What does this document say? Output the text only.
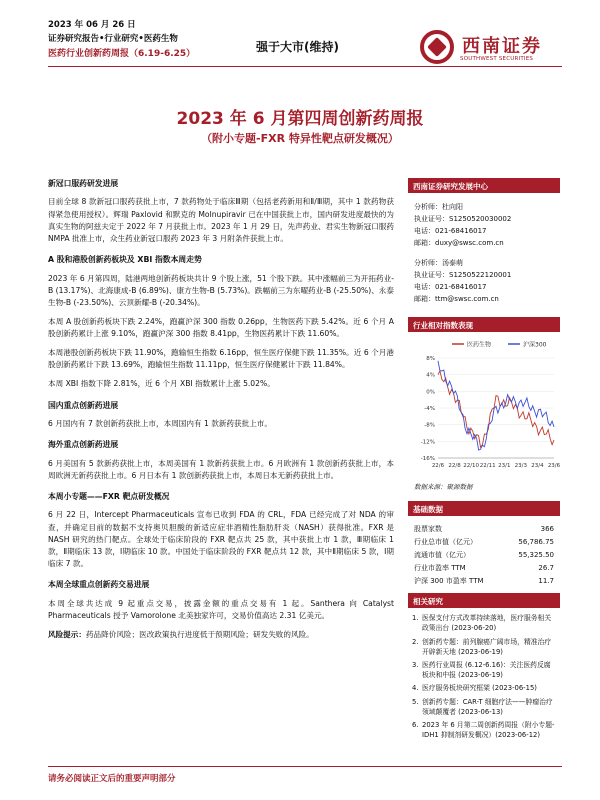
2023 年 06 月 26 日
证券研究报告•行业研究•医药生物
医药行业创新药周报（6.19-6.25）	强于大市(维持)	西南证券
SOUTHWEST SECURITIES
2023 年 6 月第四周创新药周报
（附小专题-FXR 特异性靶点研发概况）
新冠口服药研发进展

目前全球 8 款新冠口服药获批上市，7 款药物处于临床Ⅲ期（包括老药新用和Ⅱ/Ⅲ期，其中 1 款药物获得紧急使用授权）。辉瑞 Paxlovid 和默克的 Molnupiravir 已在中国获批上市，国内研发进度最快的为真实生物的阿兹夫定于 2022 年 7 月获批上市。2023 年 1 月 29 日，先声药业、君实生物新冠口服药 NMPA 批准上市，众生药业新冠口服药 2023 年 3 月附条件获批上市。

A 股和港股创新药板块及 XBI 指数本周走势

2023 年 6 月第四周，陆港两地创新药板块共计 9 个股上涨，51 个股下跌。其中涨幅前三为开拓药业-B (13.17%)、北海康成-B (6.89%)、康方生物-B (5.73%)。跌幅前三为东曜药业-B (-25.50%)、永泰生物-B (-23.50%)、云顶新耀-B (-20.34%)。

本周 A 股创新药板块下跌 2.24%，跑赢沪深 300 指数 0.26pp，生物医药下跌 5.42%。近 6 个月 A 股创新药累计上涨 9.10%，跑赢沪深 300 指数 8.41pp，生物医药累计下跌 11.60%。

本周港股创新药板块下跌 11.90%，跑输恒生指数 6.16pp，恒生医疗保健下跌 11.35%。近 6 个月港股创新药累计下跌 13.69%，跑输恒生指数 11.11pp，恒生医疗保健累计下跌 11.84%。

本周 XBI 指数下降 2.81%，近 6 个月 XBI 指数累计上涨 5.02%。

国内重点创新药进展

6 月国内有 7 款创新药获批上市，本周国内有 1 款新药获批上市。

海外重点创新药进展

6 月美国有 5 款新药获批上市，本周美国有 1 款新药获批上市。6 月欧洲有 1 款创新药获批上市，本周欧洲无新药获批上市。6 月日本有 1 款创新药获批上市，本周日本无新药获批上市。

本周小专题——FXR 靶点研发概况

6 月 22 日，Intercept Pharmaceuticals 宣布已收到 FDA 的 CRL，FDA 已经完成了对 NDA 的审查，并确定目前的数据不支持奥贝胆酸的新适应症非酒精性脂肪肝炎（NASH）获得批准。FXR 是 NASH 研究的热门靶点。全球处于临床阶段的 FXR 靶点共 25 款，其中获批上市 1 款，Ⅲ期临床 1 款，Ⅱ期临床 13 款，Ⅰ期临床 10 款。中国处于临床阶段的 FXR 靶点共 12 款，其中Ⅱ期临床 5 款，Ⅰ期临床 7 款。

本周全球重点创新药交易进展

本周全球共达成 9 起重点交易，披露金额的重点交易有 1 起。Santhera 向 Catalyst Pharmaceuticals 授予 Vamorolone 北美独家许可，交易价值高达 2.31 亿美元。

风险提示：药品降价风险；医改政策执行进度低于预期风险；研发失败的风险。

西南证券研究发展中心
分析师：杜向阳
执业证号：S1250520030002
电话：021-68416017
邮箱：duxy@swsc.com.cn
分析师：汤泰萌
执业证号：S1250522120001
电话：021-68416017
邮箱：ttm@swsc.com.cn
行业相对指数表现
医药生物	沪深300
8%
4%
0%
-4%
-8%
-12%
-16%
22/6 22/8 22/10 22/11 23/1 23/3 23/4 23/6
数据来源：聚源数据
基础数据
股票家数	366
行业总市值（亿元）	56,786.75
流通市值（亿元）	55,325.50
行业市盈率 TTM	26.7
沪深 300 市盈率 TTM	11.7
相关研究
1. 医保支付方式改革持续落地，医疗服务相关政策出台 (2023-06-20)
2. 创新药专题：前列腺癌广阔市场，精准治疗开辟新天地 (2023-06-19)
3. 医药行业周报 (6.12-6.16)：关注医药反腐板块和中报 (2023-06-19)
4. 医疗服务板块研究框架 (2023-06-15)
5. 创新药专题：CAR-T 细胞疗法——肿瘤治疗领域颠覆者 (2023-06-13)
6. 2023 年 6 月第二周创新药周报（附小专题-IDH1 抑制剂研发概况）(2023-06-12)
请务必阅读正文后的重要声明部分
